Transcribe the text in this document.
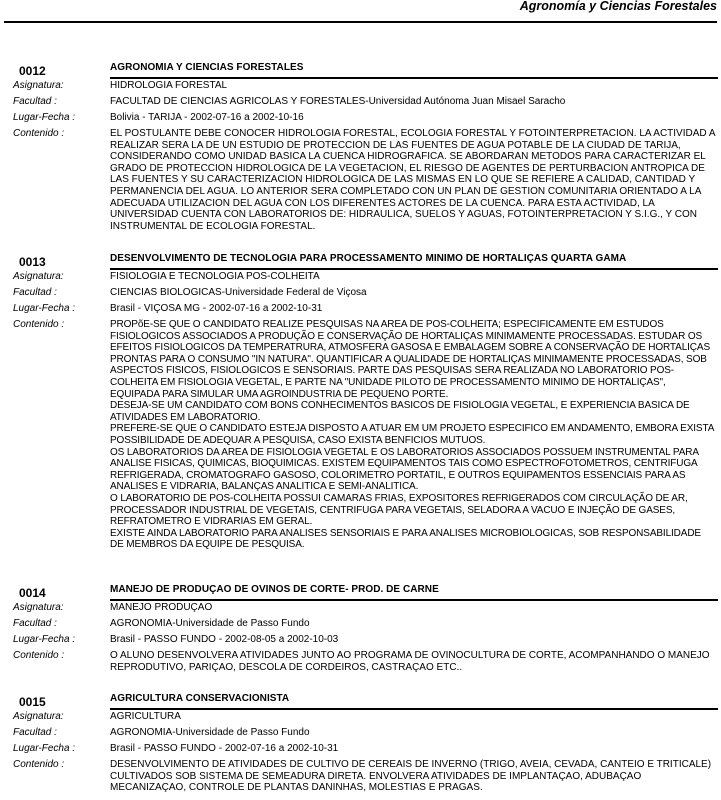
Agronomía y Ciencias Forestales
0012	AGRONOMIA Y CIENCIAS FORESTALES
Asignatura:	HIDROLOGIA FORESTAL
Facultad :	FACULTAD DE CIENCIAS AGRICOLAS Y FORESTALES-Universidad Autónoma Juan Misael Saracho
Lugar-Fecha :	Bolivia - TARIJA - 2002-07-16 a 2002-10-16
Contenido :	EL POSTULANTE DEBE CONOCER HIDROLOGIA FORESTAL, ECOLOGIA FORESTAL Y FOTOINTERPRETACION. LA ACTIVIDAD A REALIZAR SERA LA DE UN ESTUDIO DE PROTECCION DE LAS FUENTES DE AGUA POTABLE DE LA CIUDAD DE TARIJA, CONSIDERANDO COMO UNIDAD BASICA LA CUENCA HIDROGRAFICA. SE ABORDARAN METODOS PARA CARACTERIZAR EL GRADO DE PROTECCION HIDROLOGICA DE LA VEGETACION, EL RIESGO DE AGENTES DE PERTURBACION ANTROPICA DE LAS FUENTES Y SU CARACTERIZACION HIDROLOGICA DE LAS MISMAS EN LO QUE SE REFIERE A CALIDAD, CANTIDAD Y PERMANENCIA DEL AGUA. LO ANTERIOR SERA COMPLETADO CON UN PLAN DE GESTION COMUNITARIA ORIENTADO A LA ADECUADA UTILIZACION DEL AGUA CON LOS DIFERENTES ACTORES DE LA CUENCA. PARA ESTA ACTIVIDAD, LA UNIVERSIDAD CUENTA CON LABORATORIOS DE: HIDRAULICA, SUELOS Y AGUAS, FOTOINTERPRETACION Y S.I.G., Y CON INSTRUMENTAL DE ECOLOGIA FORESTAL.
0013	DESENVOLVIMENTO DE TECNOLOGIA PARA PROCESSAMENTO MINIMO DE HORTALIÇAS QUARTA GAMA
Asignatura:	FISIOLOGIA E TECNOLOGIA POS-COLHEITA
Facultad :	CIENCIAS BIOLOGICAS-Universidade Federal de Viçosa
Lugar-Fecha :	Brasil - VIÇOSA MG - 2002-07-16 a 2002-10-31
Contenido :	PROPõE-SE QUE O CANDIDATO REALIZE PESQUISAS NA AREA DE POS-COLHEITA; ESPECIFICAMENTE EM ESTUDOS FISIOLOGICOS ASSOCIADOS A PRODUÇÃO E CONSERVAÇÃO DE HORTALIÇAS MINIMAMENTE PROCESSADAS. ESTUDAR OS EFEITOS FISIOLOGICOS DA TEMPERATRURA, ATMOSFERA GASOSA E EMBALAGEM SOBRE A CONSERVAÇÃO DE HORTALIÇAS PRONTAS PARA O CONSUMO "IN NATURA". QUANTIFICAR A QUALIDADE DE HORTALIÇAS MINIMAMENTE PROCESSADAS, SOB ASPECTOS FISICOS, FISIOLOGICOS E SENSORIAIS. PARTE DAS PESQUISAS SERA REALIZADA NO LABORATORIO POS-COLHEITA EM FISIOLOGIA VEGETAL, E PARTE NA "UNIDADE PILOTO DE PROCESSAMENTO MINIMO DE HORTALIÇAS", EQUIPADA PARA SIMULAR UMA AGROINDUSTRIA DE PEQUENO PORTE.
DESEJA-SE UM CANDIDATO COM BONS CONHECIMENTOS BASICOS DE FISIOLOGIA VEGETAL, E EXPERIENCIA BASICA DE ATIVIDADES EM LABORATORIO.
PREFERE-SE QUE O CANDIDATO ESTEJA DISPOSTO A ATUAR EM UM PROJETO ESPECIFICO EM ANDAMENTO, EMBORA EXISTA POSSIBILIDADE DE ADEQUAR A PESQUISA, CASO EXISTA BENFICIOS MUTUOS.
OS LABORATORIOS DA AREA DE FISIOLOGIA VEGETAL E OS LABORATORIOS ASSOCIADOS POSSUEM INSTRUMENTAL PARA ANALISE FISICAS, QUIMICAS, BIOQUIMICAS. EXISTEM EQUIPAMENTOS TAIS COMO ESPECTROFOTOMETROS, CENTRIFUGA REFRIGERADA, CROMATOGRAFO GASOSO, COLORIMETRO PORTATIL, E OUTROS EQUIPAMENTOS ESSENCIAIS PARA AS ANALISES E VIDRARIA, BALANÇAS ANALITICA E SEMI-ANALITICA.
O LABORATORIO DE POS-COLHEITA POSSUI CAMARAS FRIAS, EXPOSITORES REFRIGERADOS COM CIRCULAÇÃO DE AR, PROCESSADOR INDUSTRIAL DE VEGETAIS, CENTRIFUGA PARA VEGETAIS, SELADORA A VACUO E INJEÇÃO DE GASES, REFRATOMETRO E VIDRARIAS EM GERAL.
EXISTE AINDA LABORATORIO PARA ANALISES SENSORIAIS E PARA ANALISES MICROBIOLOGICAS, SOB RESPONSABILIDADE DE MEMBROS DA EQUIPE DE PESQUISA.
0014	MANEJO DE PRODUÇAO DE OVINOS DE CORTE- PROD. DE CARNE
Asignatura:	MANEJO PRODUÇAO
Facultad :	AGRONOMIA-Universidade de Passo Fundo
Lugar-Fecha :	Brasil - PASSO FUNDO - 2002-08-05 a 2002-10-03
Contenido :	O ALUNO DESENVOLVERA ATIVIDADES JUNTO AO PROGRAMA DE OVINOCULTURA DE CORTE, ACOMPANHANDO O MANEJO REPRODUTIVO, PARIÇAO, DESCOLA DE CORDEIROS, CASTRAÇAO ETC..
0015	AGRICULTURA CONSERVACIONISTA
Asignatura:	AGRICULTURA
Facultad :	AGRONOMIA-Universidade de Passo Fundo
Lugar-Fecha :	Brasil - PASSO FUNDO - 2002-07-16 a 2002-10-31
Contenido :	DESENVOLVIMENTO DE ATIVIDADES DE CULTIVO DE CEREAIS DE INVERNO (TRIGO, AVEIA, CEVADA, CANTEIO E TRITICALE) CULTIVADOS SOB SISTEMA DE SEMEADURA DIRETA. ENVOLVERA ATIVIDADES DE IMPLANTAÇAO, ADUBAÇAO MECANIZAÇAO, CONTROLE DE PLANTAS DANINHAS, MOLESTIAS E PRAGAS.
